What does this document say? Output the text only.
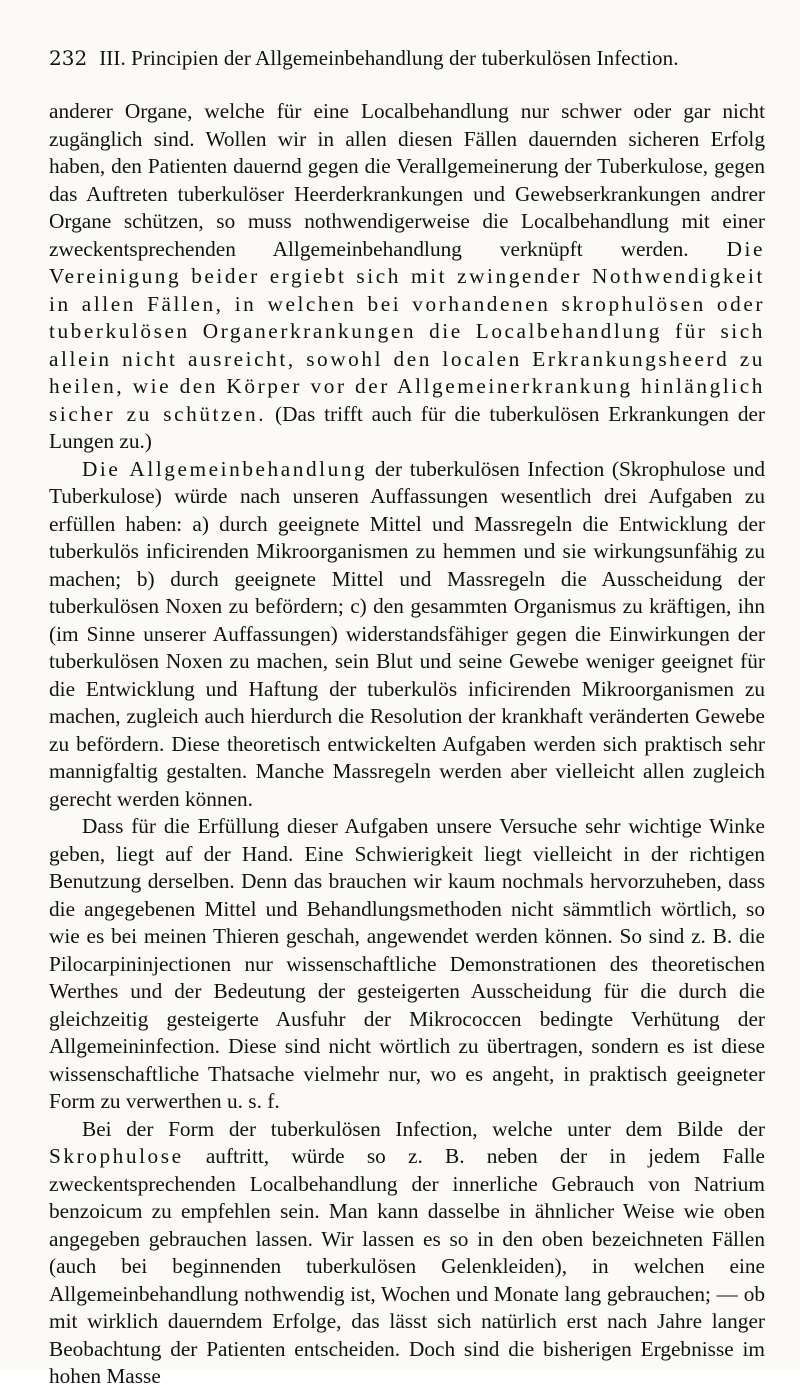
232 III. Principien der Allgemeinbehandlung der tuberkulösen Infection.

anderer Organe, welche für eine Localbehandlung nur schwer oder gar nicht zugänglich sind. Wollen wir in allen diesen Fällen dauernden sicheren Erfolg haben, den Patienten dauernd gegen die Verallgemeinerung der Tuberkulose, gegen das Auftreten tuberkulöser Heerderkrankungen und Gewebserkrankungen andrer Organe schützen, so muss nothwendigerweise die Localbehandlung mit einer zweckentsprechenden Allgemeinbehandlung verknüpft werden. Die Vereinigung beider ergiebt sich mit zwingender Nothwendigkeit in allen Fällen, in welchen bei vorhandenen skrophulösen oder tuberkulösen Organerkrankungen die Localbehandlung für sich allein nicht ausreicht, sowohl den localen Erkrankungsheerd zu heilen, wie den Körper vor der Allgemeinerkrankung hinlänglich sicher zu schützen. (Das trifft auch für die tuberkulösen Erkrankungen der Lungen zu.)

Die Allgemeinbehandlung der tuberkulösen Infection (Skrophulose und Tuberkulose) würde nach unseren Auffassungen wesentlich drei Aufgaben zu erfüllen haben: a) durch geeignete Mittel und Massregeln die Entwicklung der tuberkulös inficirenden Mikroorganismen zu hemmen und sie wirkungsunfähig zu machen; b) durch geeignete Mittel und Massregeln die Ausscheidung der tuberkulösen Noxen zu befördern; c) den gesammten Organismus zu kräftigen, ihn (im Sinne unserer Auffassungen) widerstandsfähiger gegen die Einwirkungen der tuberkulösen Noxen zu machen, sein Blut und seine Gewebe weniger geeignet für die Entwicklung und Haftung der tuberkulös inficirenden Mikroorganismen zu machen, zugleich auch hierdurch die Resolution der krankhaft veränderten Gewebe zu befördern. Diese theoretisch entwickelten Aufgaben werden sich praktisch sehr mannigfaltig gestalten. Manche Massregeln werden aber vielleicht allen zugleich gerecht werden können.

Dass für die Erfüllung dieser Aufgaben unsere Versuche sehr wichtige Winke geben, liegt auf der Hand. Eine Schwierigkeit liegt vielleicht in der richtigen Benutzung derselben. Denn das brauchen wir kaum nochmals hervorzuheben, dass die angegebenen Mittel und Behandlungsmethoden nicht sämmtlich wörtlich, so wie es bei meinen Thieren geschah, angewendet werden können. So sind z. B. die Pilocarpininjectionen nur wissenschaftliche Demonstrationen des theoretischen Werthes und der Bedeutung der gesteigerten Ausscheidung für die durch die gleichzeitig gesteigerte Ausfuhr der Mikrococcen bedingte Verhütung der Allgemeininfection. Diese sind nicht wörtlich zu übertragen, sondern es ist diese wissenschaftliche Thatsache vielmehr nur, wo es angeht, in praktisch geeigneter Form zu verwerthen u. s. f.

Bei der Form der tuberkulösen Infection, welche unter dem Bilde der Skrophulose auftritt, würde so z. B. neben der in jedem Falle zweckentsprechenden Localbehandlung der innerliche Gebrauch von Natrium benzoicum zu empfehlen sein. Man kann dasselbe in ähnlicher Weise wie oben angegeben gebrauchen lassen. Wir lassen es so in den oben bezeichneten Fällen (auch bei beginnenden tuberkulösen Gelenkleiden), in welchen eine Allgemeinbehandlung nothwendig ist, Wochen und Monate lang gebrauchen; — ob mit wirklich dauerndem Erfolge, das lässt sich natürlich erst nach Jahre langer Beobachtung der Patienten entscheiden. Doch sind die bisherigen Ergebnisse im hohen Masse
